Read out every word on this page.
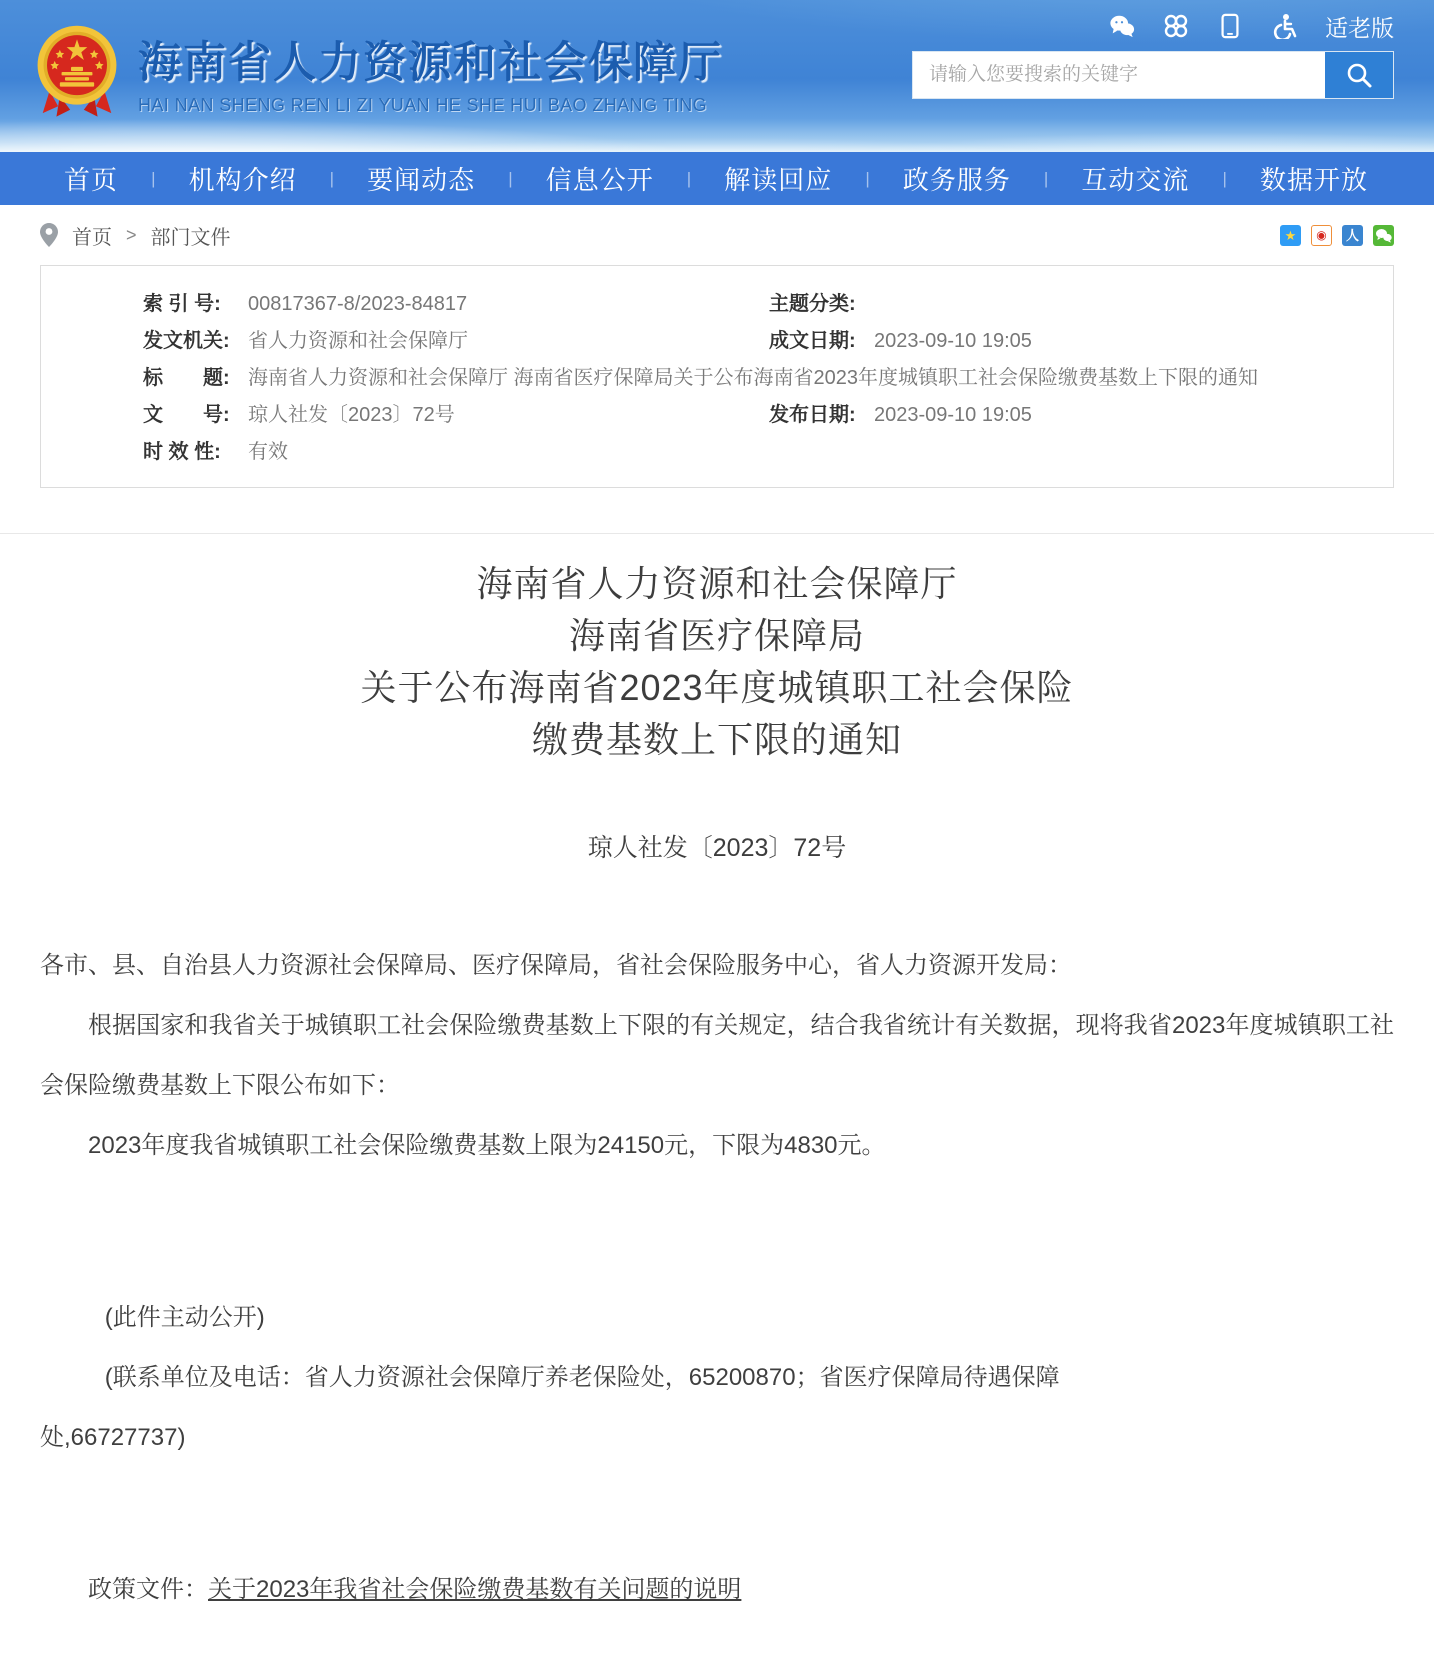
海南省人力资源和社会保障厅
HAI NAN SHENG REN LI ZI YUAN HE SHE HUI BAO ZHANG TING
适老版
请输入您要搜索的关键字
首页 | 机构介绍 | 要闻动态 | 信息公开 | 解读回应 | 政务服务 | 互动交流 | 数据开放
首页 > 部门文件	★ ◉ 人
索 引 号:	00817367-8/2023-84817	主题分类:
发文机关: 省人力资源和社会保障厅	成文日期: 2023-09-10 19:05
标　　题: 海南省人力资源和社会保障厅 海南省医疗保障局关于公布海南省2023年度城镇职工社会保险缴费基数上下限的通知
文　　号: 琼人社发〔2023〕72号	发布日期: 2023-09-10 19:05
时 效 性:	有效
海南省人力资源和社会保障厅
海南省医疗保障局
关于公布海南省2023年度城镇职工社会保险
缴费基数上下限的通知

琼人社发〔2023〕72号

各市、县、自治县人力资源社会保障局、医疗保障局，省社会保险服务中心，省人力资源开发局：

根据国家和我省关于城镇职工社会保险缴费基数上下限的有关规定，结合我省统计有关数据，现将我省2023年度城镇职工社会保险缴费基数上下限公布如下：

2023年度我省城镇职工社会保险缴费基数上限为24150元，下限为4830元。

(此件主动公开)

(联系单位及电话：省人力资源社会保障厅养老保险处，65200870；省医疗保障局待遇保障
处,66727737)

政策文件：关于2023年我省社会保险缴费基数有关问题的说明
